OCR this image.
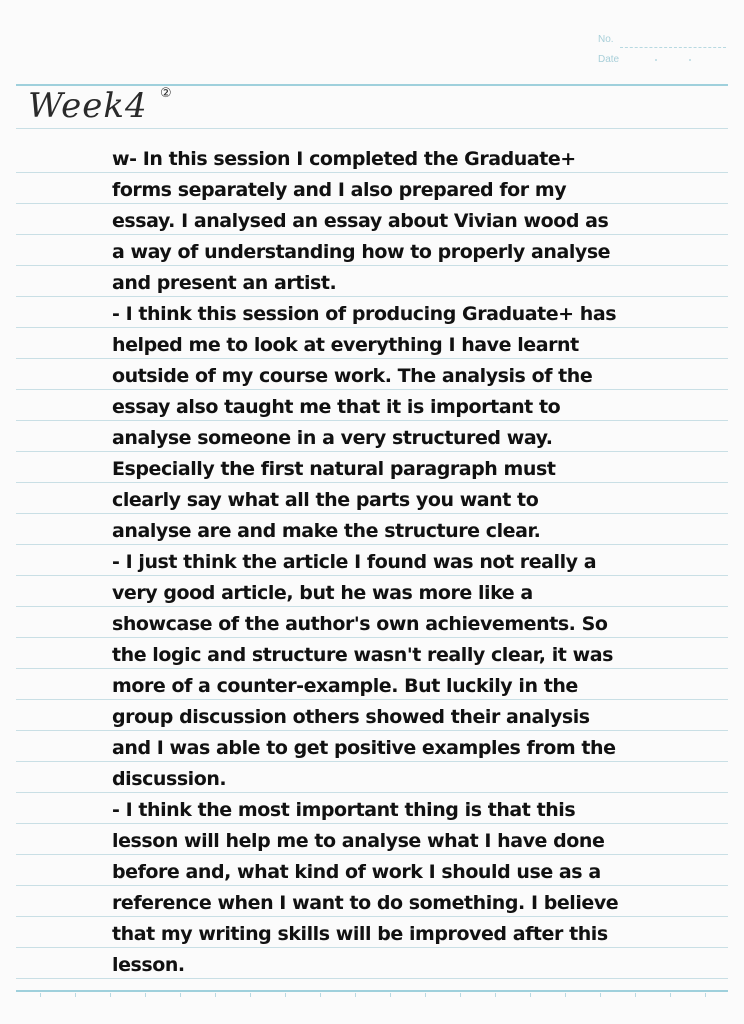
No.
Date
Week4 ②
w- In this session I completed the Graduate+
forms separately and I also prepared for my
essay. I analysed an essay about Vivian wood as
a way of understanding how to properly analyse
and present an artist.
- I think this session of producing Graduate+ has
helped me to look at everything I have learnt
outside of my course work. The analysis of the
essay also taught me that it is important to
analyse someone in a very structured way.
Especially the first natural paragraph must
clearly say what all the parts you want to
analyse are and make the structure clear.
- I just think the article I found was not really a
very good article, but he was more like a
showcase of the author's own achievements. So
the logic and structure wasn't really clear, it was
more of a counter-example. But luckily in the
group discussion others showed their analysis
and I was able to get positive examples from the
discussion.
- I think the most important thing is that this
lesson will help me to analyse what I have done
before and, what kind of work I should use as a
reference when I want to do something. I believe
that my writing skills will be improved after this
lesson.
